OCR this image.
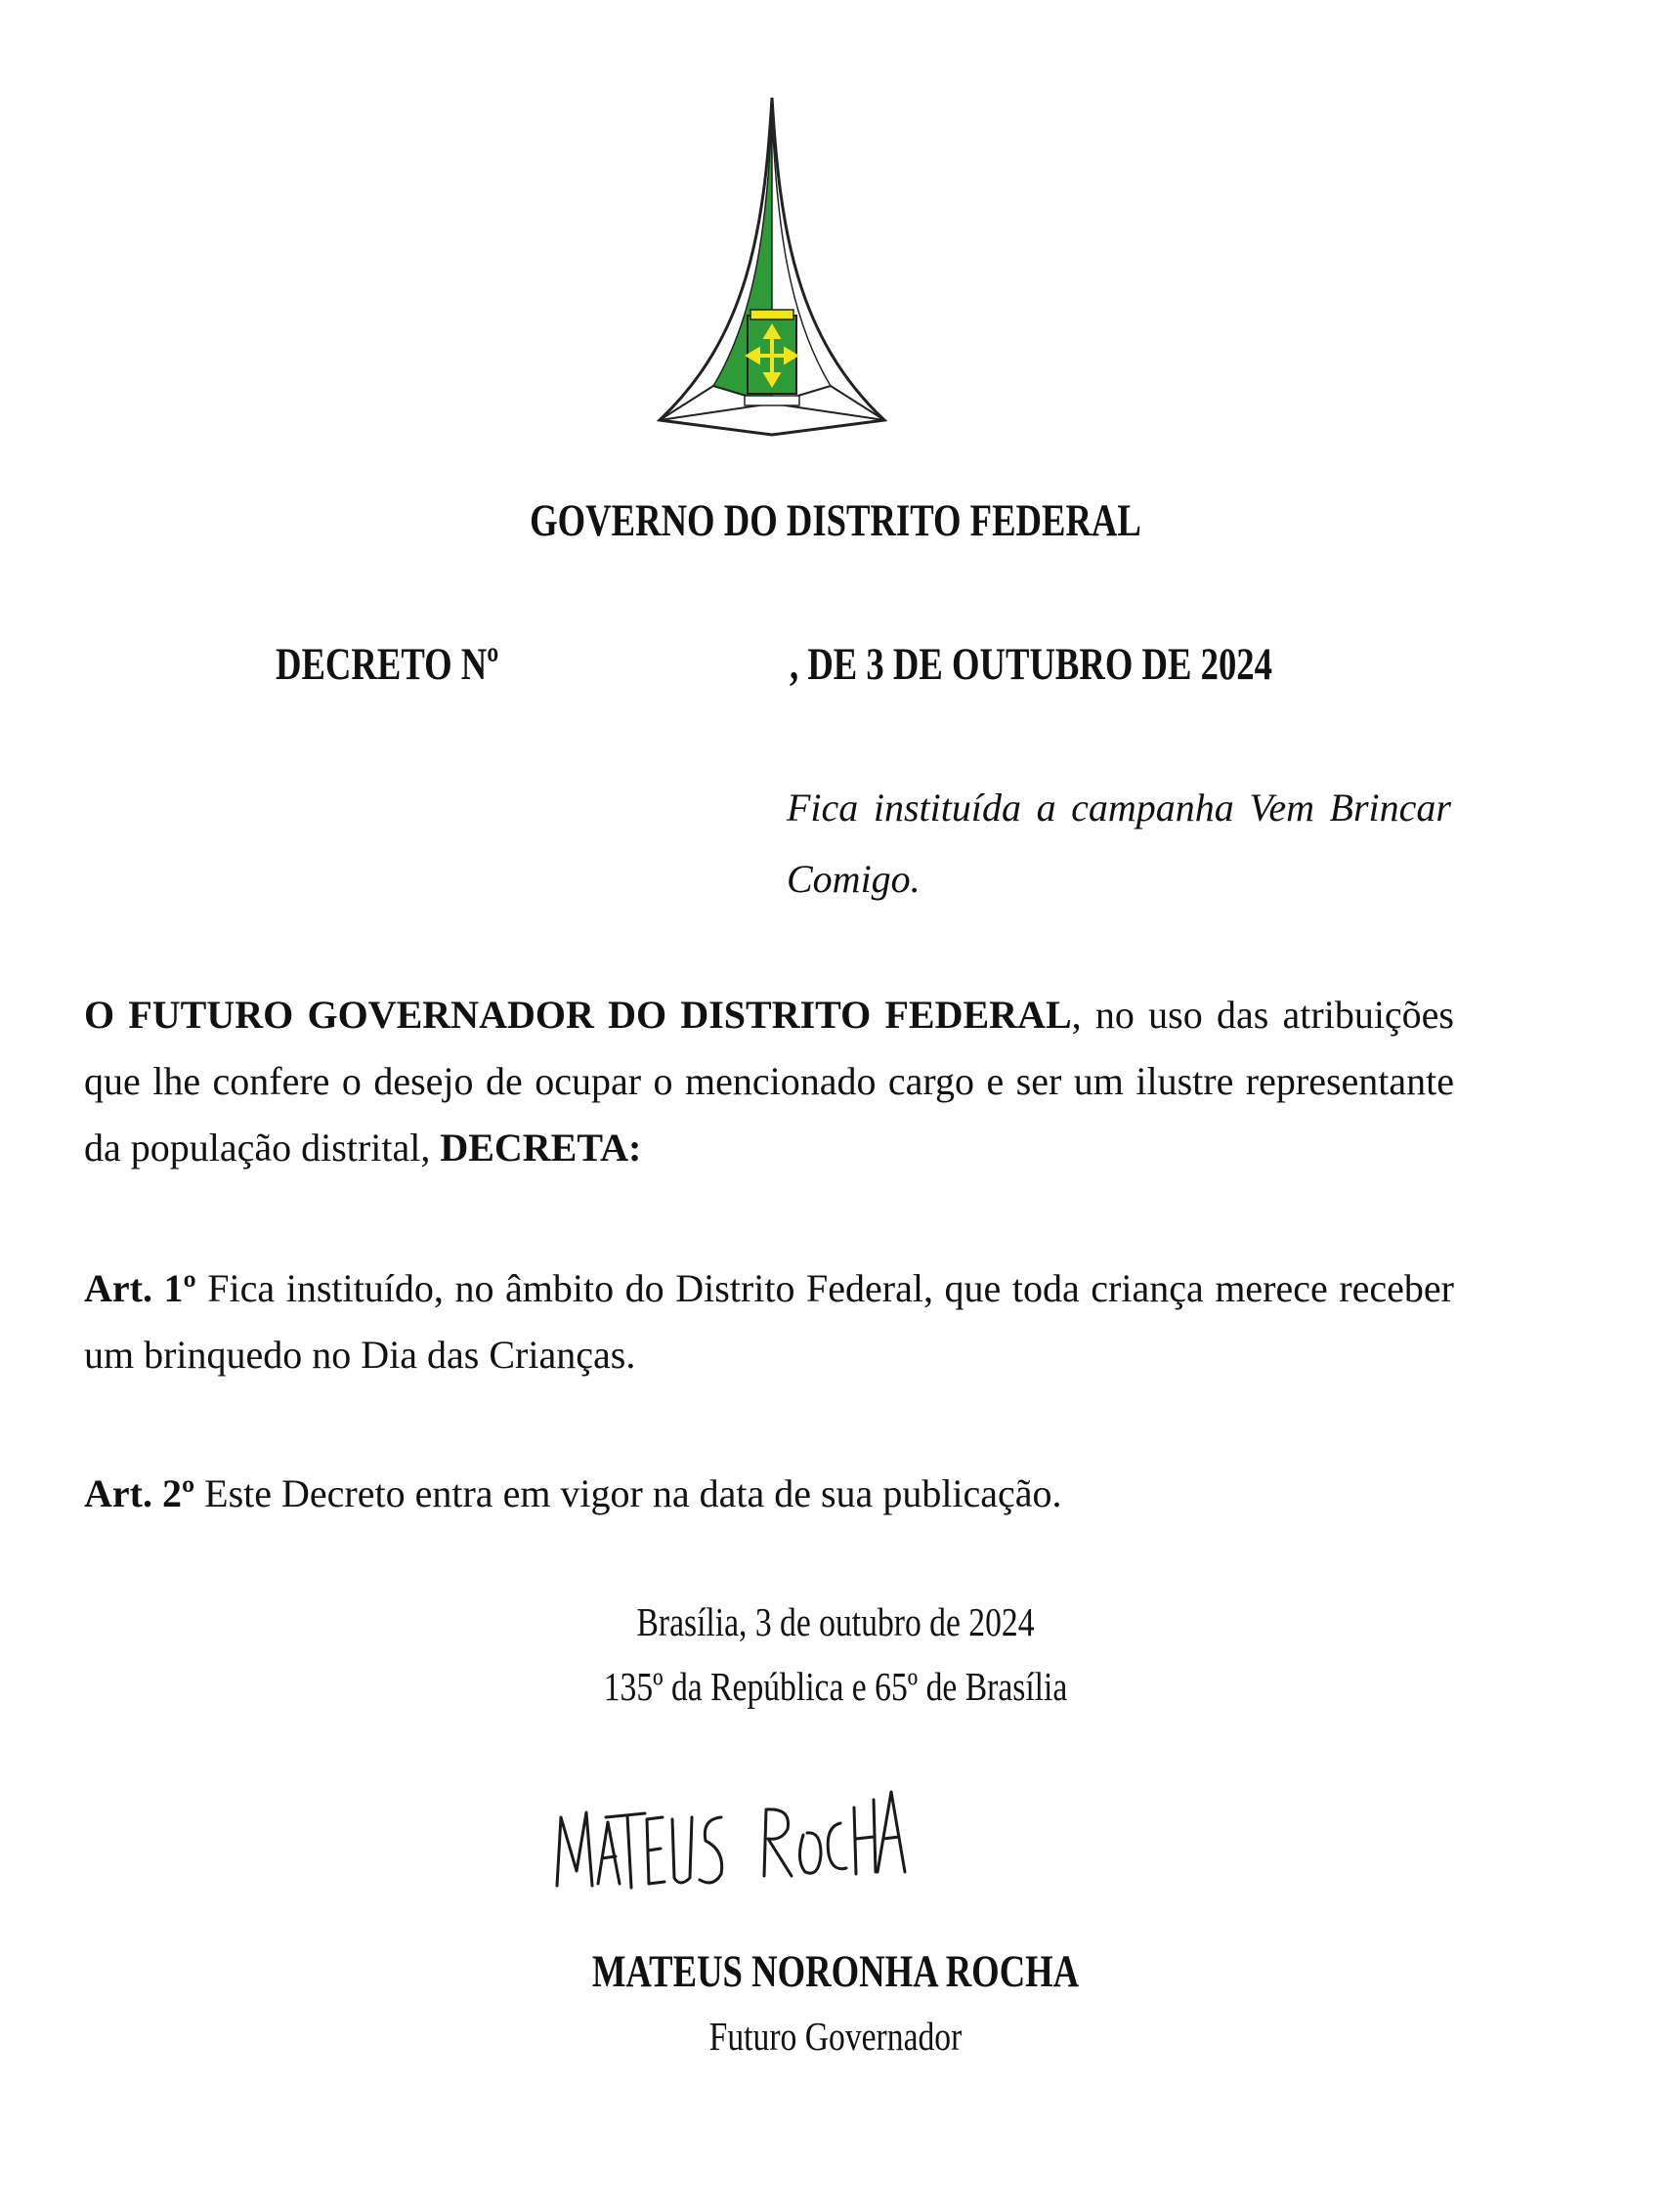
GOVERNO DO DISTRITO FEDERAL

DECRETO Nº	, DE 3 DE OUTUBRO DE 2024

Fica instituída a campanha Vem Brincar Comigo.

O FUTURO GOVERNADOR DO DISTRITO FEDERAL, no uso das atribuições que lhe confere o desejo de ocupar o mencionado cargo e ser um ilustre representante da população distrital, DECRETA:

Art. 1º Fica instituído, no âmbito do Distrito Federal, que toda criança merece receber um brinquedo no Dia das Crianças.

Art. 2º Este Decreto entra em vigor na data de sua publicação.

Brasília, 3 de outubro de 2024

135º da República e 65º de Brasília

MATEUS NORONHA ROCHA

Futuro Governador
